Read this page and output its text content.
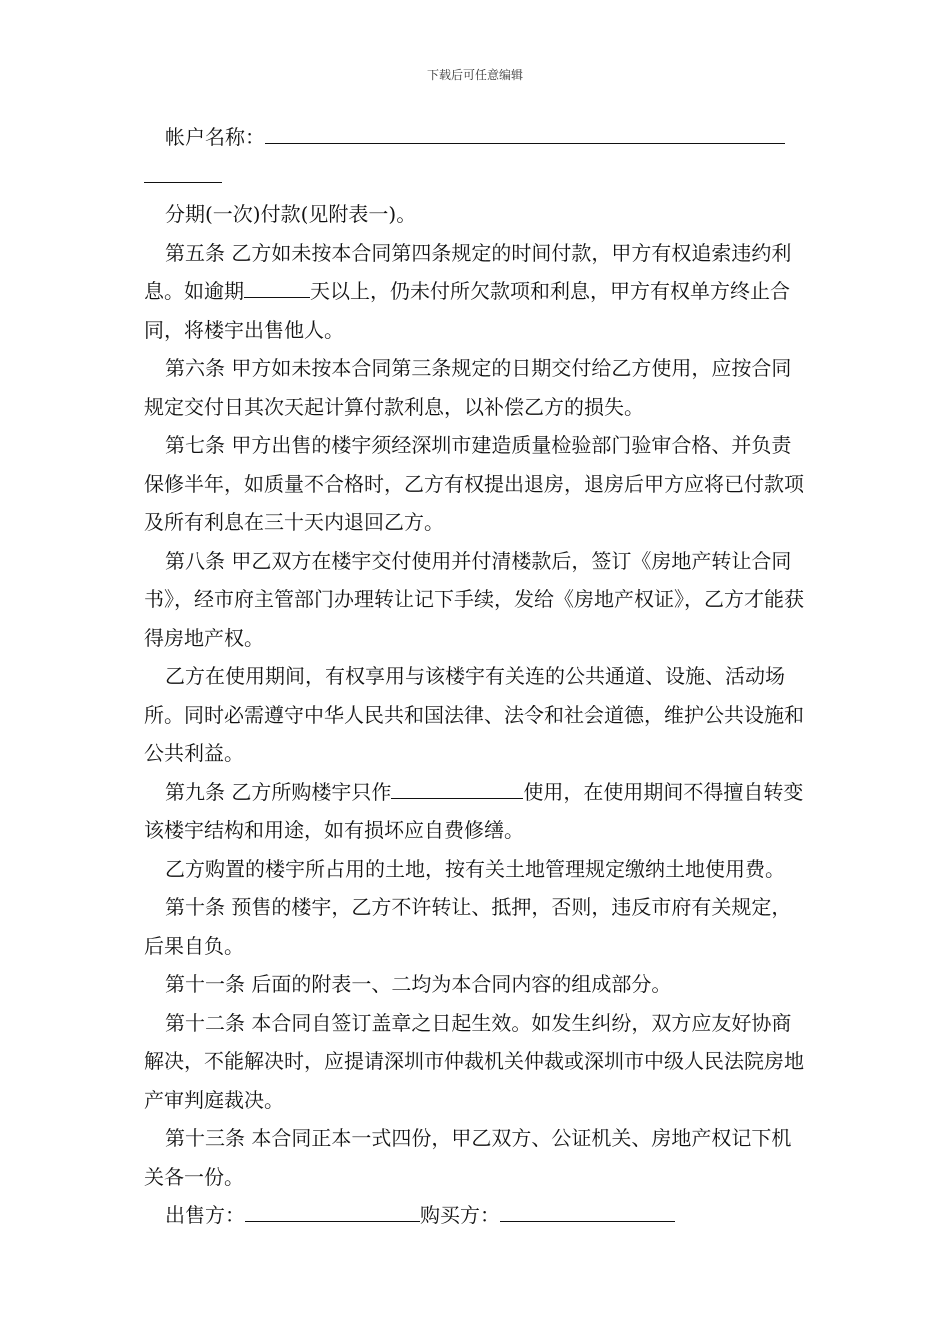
下载后可任意编辑

帐户名称：

分期(一次)付款(见附表一)。

第五条 乙方如未按本合同第四条规定的时间付款，甲方有权追索违约利息。如逾期	天以上，仍未付所欠款项和利息，甲方有权单方终止合同，将楼宇出售他人。

第六条 甲方如未按本合同第三条规定的日期交付给乙方使用，应按合同规定交付日其次天起计算付款利息，以补偿乙方的损失。

第七条 甲方出售的楼宇须经深圳市建造质量检验部门验审合格、并负责保修半年，如质量不合格时，乙方有权提出退房，退房后甲方应将已付款项及所有利息在三十天内退回乙方。

第八条 甲乙双方在楼宇交付使用并付清楼款后，签订《房地产转让合同书》，经市府主管部门办理转让记下手续，发给《房地产权证》，乙方才能获得房地产权。

乙方在使用期间，有权享用与该楼宇有关连的公共通道、设施、活动场所。同时必需遵守中华人民共和国法律、法令和社会道德，维护公共设施和公共利益。

第九条 乙方所购楼宇只作	使用，在使用期间不得擅自转变该楼宇结构和用途，如有损坏应自费修缮。

乙方购置的楼宇所占用的土地，按有关土地管理规定缴纳土地使用费。

第十条 预售的楼宇，乙方不许转让、抵押，否则，违反市府有关规定，后果自负。

第十一条 后面的附表一、二均为本合同内容的组成部分。

第十二条 本合同自签订盖章之日起生效。如发生纠纷，双方应友好协商解决，不能解决时，应提请深圳市仲裁机关仲裁或深圳市中级人民法院房地产审判庭裁决。

第十三条 本合同正本一式四份，甲乙双方、公证机关、房地产权记下机关各一份。

出售方：	购买方：
